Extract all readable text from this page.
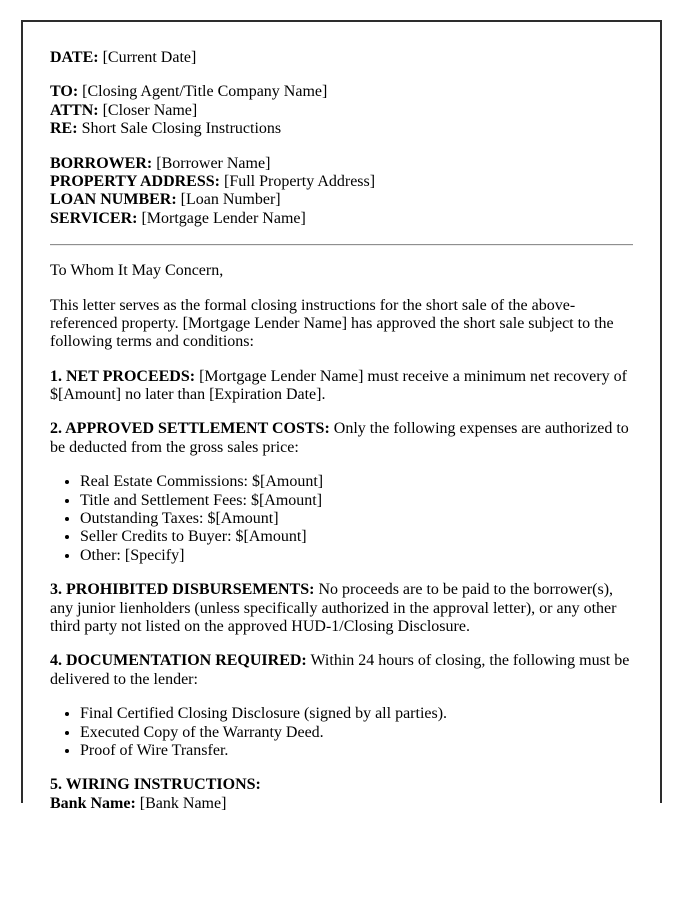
DATE: [Current Date]

TO: [Closing Agent/Title Company Name]
ATTN: [Closer Name]
RE: Short Sale Closing Instructions

BORROWER: [Borrower Name]
PROPERTY ADDRESS: [Full Property Address]
LOAN NUMBER: [Loan Number]
SERVICER: [Mortgage Lender Name]

To Whom It May Concern,

This letter serves as the formal closing instructions for the short sale of the above-referenced property. [Mortgage Lender Name] has approved the short sale subject to the following terms and conditions:

1. NET PROCEEDS: [Mortgage Lender Name] must receive a minimum net recovery of $[Amount] no later than [Expiration Date].

2. APPROVED SETTLEMENT COSTS: Only the following expenses are authorized to be deducted from the gross sales price:

• Real Estate Commissions: $[Amount]
• Title and Settlement Fees: $[Amount]
• Outstanding Taxes: $[Amount]
• Seller Credits to Buyer: $[Amount]
• Other: [Specify]

3. PROHIBITED DISBURSEMENTS: No proceeds are to be paid to the borrower(s), any junior lienholders (unless specifically authorized in the approval letter), or any other third party not listed on the approved HUD-1/Closing Disclosure.

4. DOCUMENTATION REQUIRED: Within 24 hours of closing, the following must be delivered to the lender:

• Final Certified Closing Disclosure (signed by all parties).
• Executed Copy of the Warranty Deed.
• Proof of Wire Transfer.

5. WIRING INSTRUCTIONS:
Bank Name: [Bank Name]
